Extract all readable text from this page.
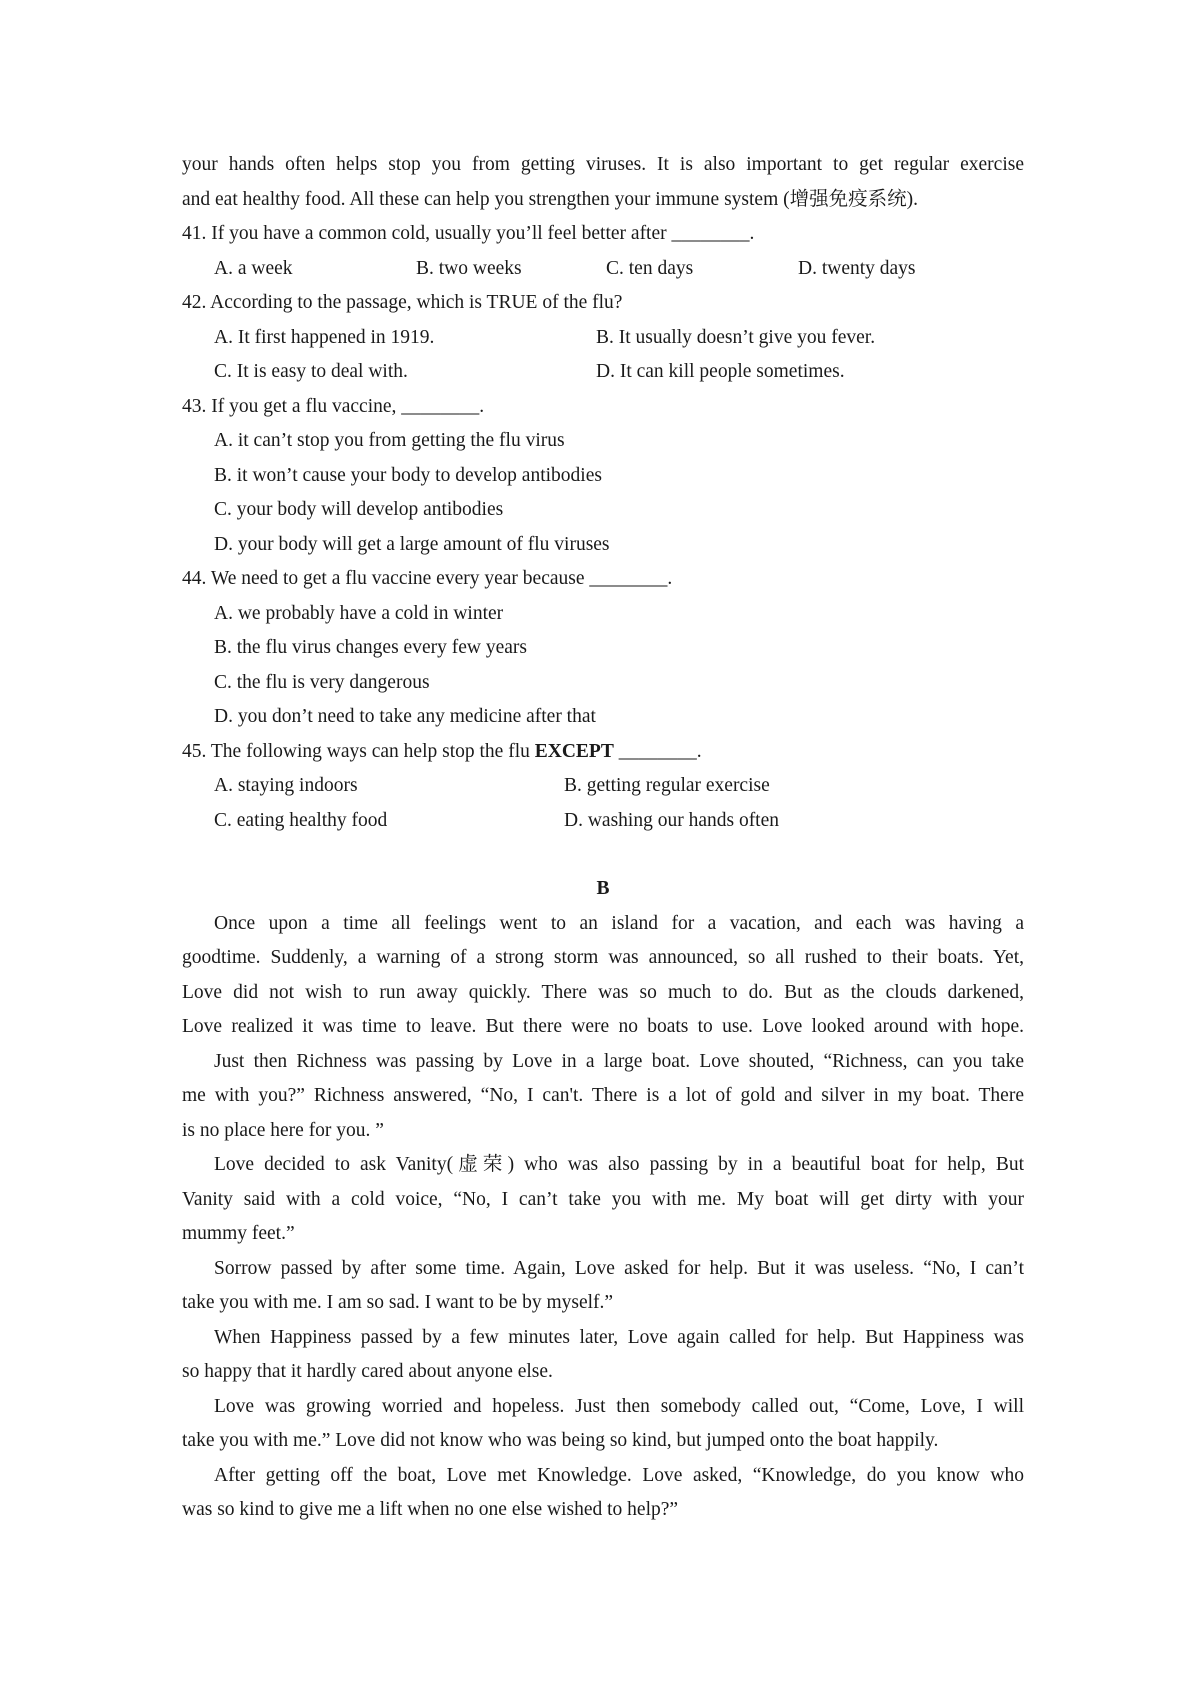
your hands often helps stop you from getting viruses. It is also important to get regular exercise
and eat healthy food. All these can help you strengthen your immune system (增强免疫系统).
41. If you have a common cold, usually you’ll feel better after ________.
A. a week	B. two weeks	C. ten days	D. twenty days
42. According to the passage, which is TRUE of the flu?
A. It first happened in 1919.	B. It usually doesn’t give you fever.
C. It is easy to deal with.	D. It can kill people sometimes.
43. If you get a flu vaccine, ________.
A. it can’t stop you from getting the flu virus
B. it won’t cause your body to develop antibodies
C. your body will develop antibodies
D. your body will get a large amount of flu viruses
44. We need to get a flu vaccine every year because ________.
A. we probably have a cold in winter
B. the flu virus changes every few years
C. the flu is very dangerous
D. you don’t need to take any medicine after that
45. The following ways can help stop the flu EXCEPT ________.
A. staying indoors	B. getting regular exercise
C. eating healthy food	D. washing our hands often
B
Once upon a time all feelings went to an island for a vacation, and each was having a
goodtime. Suddenly, a warning of a strong storm was announced, so all rushed to their boats. Yet,
Love did not wish to run away quickly. There was so much to do. But as the clouds darkened,
Love realized it was time to leave. But there were no boats to use. Love looked around with hope.
Just then Richness was passing by Love in a large boat. Love shouted, “Richness, can you take
me with you?” Richness answered, “No, I can't. There is a lot of gold and silver in my boat. There
is no place here for you. ”
Love decided to ask Vanity(虚荣) who was also passing by in a beautiful boat for help, But
Vanity said with a cold voice, “No, I can’t take you with me. My boat will get dirty with your
mummy feet.”
Sorrow passed by after some time. Again, Love asked for help. But it was useless. “No, I can’t
take you with me. I am so sad. I want to be by myself.”
When Happiness passed by a few minutes later, Love again called for help. But Happiness was
so happy that it hardly cared about anyone else.
Love was growing worried and hopeless. Just then somebody called out, “Come, Love, I will
take you with me.” Love did not know who was being so kind, but jumped onto the boat happily.
After getting off the boat, Love met Knowledge. Love asked, “Knowledge, do you know who
was so kind to give me a lift when no one else wished to help?”
